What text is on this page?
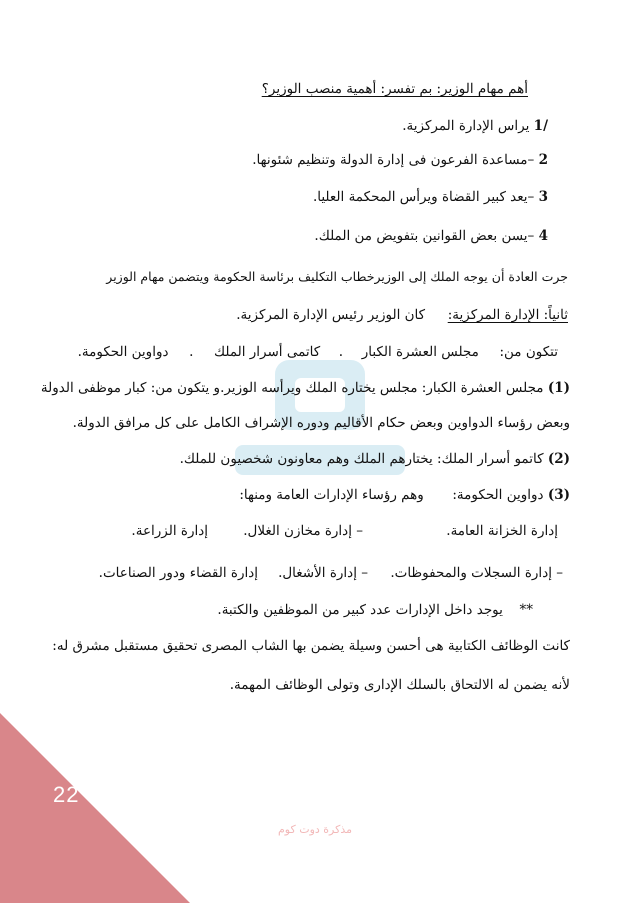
أهم مهام الوزير: بم تفسر: أهمية منصب الوزير؟
1/ يراس الإدارة المركزية.
2 –مساعدة الفرعون فى إدارة الدولة وتنظيم شئونها.
3 –يعد كبير القضاة ويرأس المحكمة العليا.
4 –يسن بعض القوانين بتفويض من الملك.
جرت العادة أن يوجه الملك إلى الوزيرخطاب التكليف برئاسة الحكومة ويتضمن مهام الوزير
ثانياً: الإدارة المركزية:  كان الوزير رئيس الإدارة المركزية.
تتكون من:  مجلس العشرة الكبار  .  كاتمى أسرار الملك  .  دواوين الحكومة.
(1) مجلس العشرة الكبار: مجلس يختاره الملك ويرأسه الوزير.و يتكون من: كبار موظفى الدولة
وبعض رؤساء الدواوين وبعض حكام الأقاليم ودوره الإشراف الكامل على كل مرافق الدولة.
(2) كاتمو أسرار الملك: يختارهم الملك وهم معاونون شخصيون للملك.
(3) دواوين الحكومة:  وهم رؤساء الإدارات العامة ومنها:
إدارة الخزانة العامة.
– إدارة مخازن الغلال.
إدارة الزراعة.
– إدارة السجلات والمحفوظات.
– إدارة الأشغال.
إدارة القضاء ودور الصناعات.
**  يوجد داخل الإدارات عدد كبير من الموظفين والكتبة.
كانت الوظائف الكتابية هى أحسن وسيلة يضمن بها الشاب المصرى تحقيق مستقبل مشرق له:
لأنه يضمن له الالتحاق بالسلك الإدارى وتولى الوظائف المهمة.
22
مذكرة دوت كوم
